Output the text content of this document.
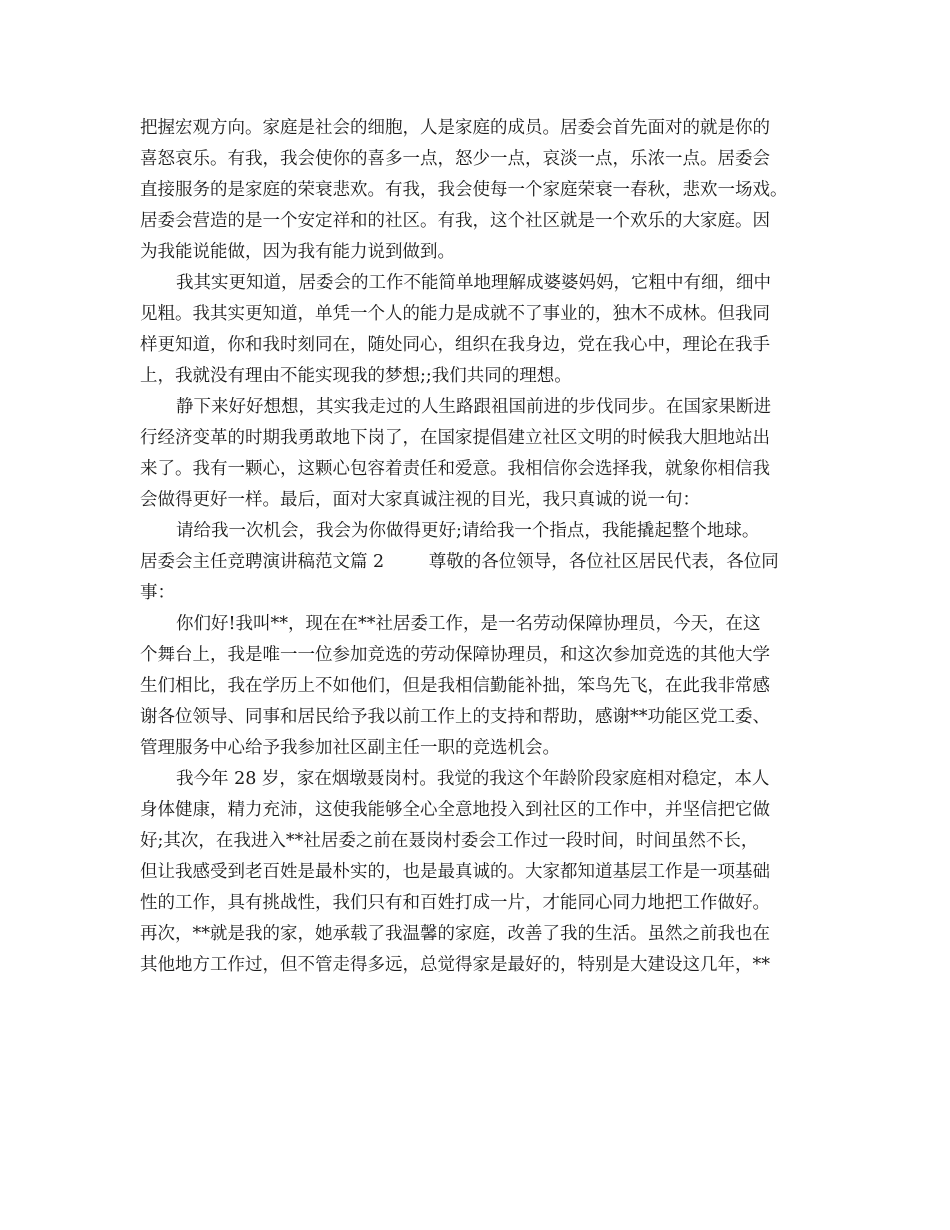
把握宏观方向。家庭是社会的细胞，人是家庭的成员。居委会首先面对的就是你的

喜怒哀乐。有我，我会使你的喜多一点，怒少一点，哀淡一点，乐浓一点。居委会

直接服务的是家庭的荣衰悲欢。有我，我会使每一个家庭荣衰一春秋，悲欢一场戏。

居委会营造的是一个安定祥和的社区。有我，这个社区就是一个欢乐的大家庭。因

为我能说能做，因为我有能力说到做到。

我其实更知道，居委会的工作不能简单地理解成婆婆妈妈，它粗中有细，细中

见粗。我其实更知道，单凭一个人的能力是成就不了事业的，独木不成林。但我同

样更知道，你和我时刻同在，随处同心，组织在我身边，党在我心中，理论在我手

上，我就没有理由不能实现我的梦想;;我们共同的理想。

静下来好好想想，其实我走过的人生路跟祖国前进的步伐同步。在国家果断进

行经济变革的时期我勇敢地下岗了，在国家提倡建立社区文明的时候我大胆地站出

来了。我有一颗心，这颗心包容着责任和爱意。我相信你会选择我，就象你相信我

会做得更好一样。最后，面对大家真诚注视的目光，我只真诚的说一句：

请给我一次机会，我会为你做得更好;请给我一个指点，我能撬起整个地球。

居委会主任竞聘演讲稿范文篇 2        尊敬的各位领导，各位社区居民代表，各位同

事：

你们好!我叫**，现在在**社居委工作，是一名劳动保障协理员，今天，在这

个舞台上，我是唯一一位参加竞选的劳动保障协理员，和这次参加竞选的其他大学

生们相比，我在学历上不如他们，但是我相信勤能补拙，笨鸟先飞，在此我非常感

谢各位领导、同事和居民给予我以前工作上的支持和帮助，感谢**功能区党工委、

管理服务中心给予我参加社区副主任一职的竞选机会。

我今年 28 岁，家在烟墩聂岗村。我觉的我这个年龄阶段家庭相对稳定，本人

身体健康，精力充沛，这使我能够全心全意地投入到社区的工作中，并坚信把它做

好;其次，在我进入**社居委之前在聂岗村委会工作过一段时间，时间虽然不长，

但让我感受到老百姓是最朴实的，也是最真诚的。大家都知道基层工作是一项基础

性的工作，具有挑战性，我们只有和百姓打成一片，才能同心同力地把工作做好。

再次，**就是我的家，她承载了我温馨的家庭，改善了我的生活。虽然之前我也在

其他地方工作过，但不管走得多远，总觉得家是最好的，特别是大建设这几年，**
